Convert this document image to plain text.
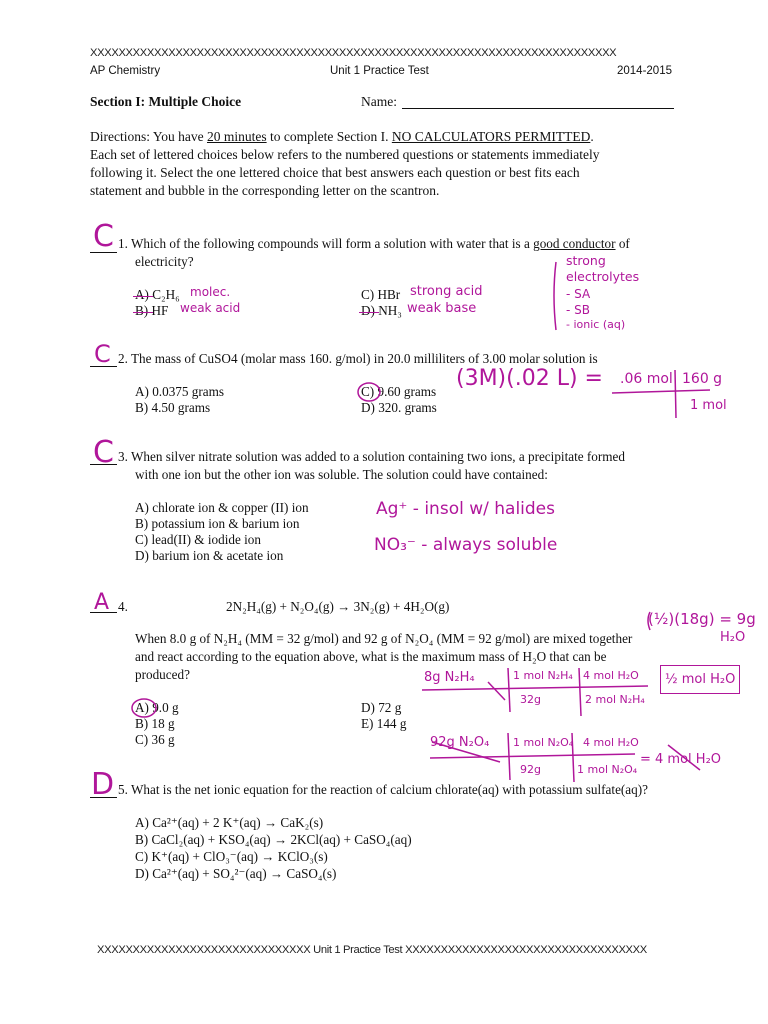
XXXXXXXXXXXXXXXXXXXXXXXXXXXXXXXXXXXXXXXXXXXXXXXXXXXXXXXXXXXXXXXXXXXXXXXXXX
AP Chemistry	Unit 1 Practice Test	2014-2015
Section I: Multiple Choice	Name:
Directions: You have 20 minutes to complete Section I. NO CALCULATORS PERMITTED.
Each set of lettered choices below refers to the numbered questions or statements immediately
following it. Select the one lettered choice that best answers each question or best fits each
statement and bubble in the corresponding letter on the scantron.
C 1. Which of the following compounds will form a solution with water that is a good conductor of
electricity?
A) C₂H₆
B) HF
C) HBr
D) NH₃
molec.
weak acid
strong acid
weak base
strong
electrolytes
- SA
- SB
- ionic (aq)
C 2. The mass of CuSO4 (molar mass 160. g/mol) in 20.0 milliliters of 3.00 molar solution is
A) 0.0375 grams
B) 4.50 grams
C) 9.60 grams
D) 320. grams
(3M)(.02 L) = .06 mol 160 g
1 mol
C 3. When silver nitrate solution was added to a solution containing two ions, a precipitate formed
with one ion but the other ion was soluble. The solution could have contained:
A) chlorate ion & copper (II) ion
B) potassium ion & barium ion
C) lead(II) & iodide ion
D) barium ion & acetate ion
Ag⁺ - insol w/ halides
NO₃⁻ - always soluble
A 4.	2N₂H₄(g) + N₂O₄(g) → 3N₂(g) + 4H₂O(g)
When 8.0 g of N₂H₄ (MM = 32 g/mol) and 92 g of N₂O₄ (MM = 92 g/mol) are mixed together
and react according to the equation above, what is the maximum mass of H₂O that can be
produced?
A) 9.0 g
B) 18 g
C) 36 g
D) 72 g
E) 144 g
(½)(18g) = 9g
H₂O
8g N₂H₄	1 mol N₂H₄ 4 mol H₂O
32g	2 mol N₂H₄
½ mol H₂O
92g N₂O₄ 1 mol N₂O₄ 4 mol H₂O
92g	1 mol N₂O₄
= 4 mol H₂O
D 5. What is the net ionic equation for the reaction of calcium chlorate(aq) with potassium sulfate(aq)?
A) Ca²⁺(aq) + 2 K⁺(aq) → CaK₂(s)
B) CaCl₂(aq) + KSO₄(aq) → 2KCl(aq) + CaSO₄(aq)
C) K⁺(aq) + ClO₃⁻(aq) → KClO₃(s)
D) Ca²⁺(aq) + SO₄²⁻(aq) → CaSO₄(s)
XXXXXXXXXXXXXXXXXXXXXXXXXXXXXX Unit 1 Practice Test XXXXXXXXXXXXXXXXXXXXXXXXXXXXXXXXXX
